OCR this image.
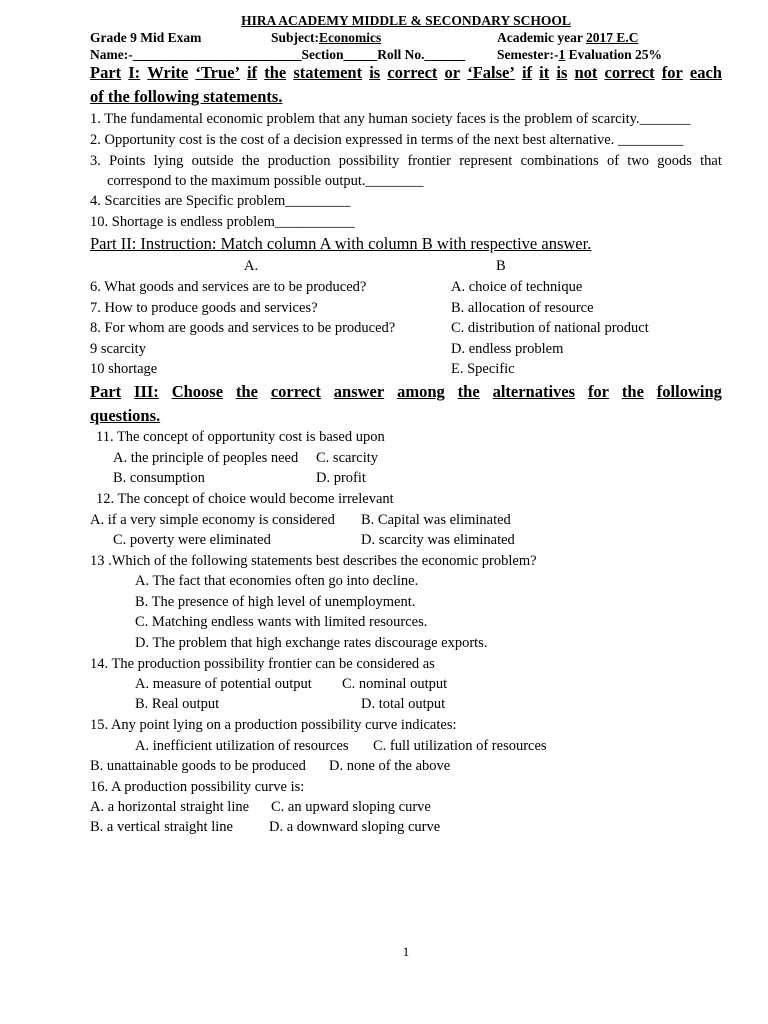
HIRA ACADEMY MIDDLE & SECONDARY SCHOOL
Grade 9 Mid Exam	Subject:Economics	Academic year 2017 E.C
Name:-_________________________Section_____Roll No.______ Semester:-1 Evaluation 25%
Part I: Write ‘True’ if the statement is correct or ‘False’ if it is not correct for each
of the following statements.
1. The fundamental economic problem that any human society faces is the problem of scarcity._______
2. Opportunity cost is the cost of a decision expressed in terms of the next best alternative. _________
3. Points lying outside the production possibility frontier represent combinations of two goods that
correspond to the maximum possible output.________
4. Scarcities are Specific problem_________
10. Shortage is endless problem___________
Part II: Instruction: Match column A with column B with respective answer.
A.	B
6. What goods and services are to be produced?	A. choice of technique
7. How to produce goods and services?	B. allocation of resource
8. For whom are goods and services to be produced?	C. distribution of national product
9 scarcity	D. endless problem
10 shortage	E. Specific
Part III: Choose the correct answer among the alternatives for the following
questions.
11. The concept of opportunity cost is based upon
A. the principle of peoples need C. scarcity
B. consumption	D. profit
12. The concept of choice would become irrelevant
A. if a very simple economy is considered B. Capital was eliminated
C. poverty were eliminated	D. scarcity was eliminated
13 .Which of the following statements best describes the economic problem?
A. The fact that economies often go into decline.
B. The presence of high level of unemployment.
C. Matching endless wants with limited resources.
D. The problem that high exchange rates discourage exports.
14. The production possibility frontier can be considered as
A. measure of potential output C. nominal output
B. Real output	D. total output
15. Any point lying on a production possibility curve indicates:
A. inefficient utilization of resources C. full utilization of resources
B. unattainable goods to be produced D. none of the above
16. A production possibility curve is:
A. a horizontal straight line C. an upward sloping curve
B. a vertical straight line D. a downward sloping curve
1
